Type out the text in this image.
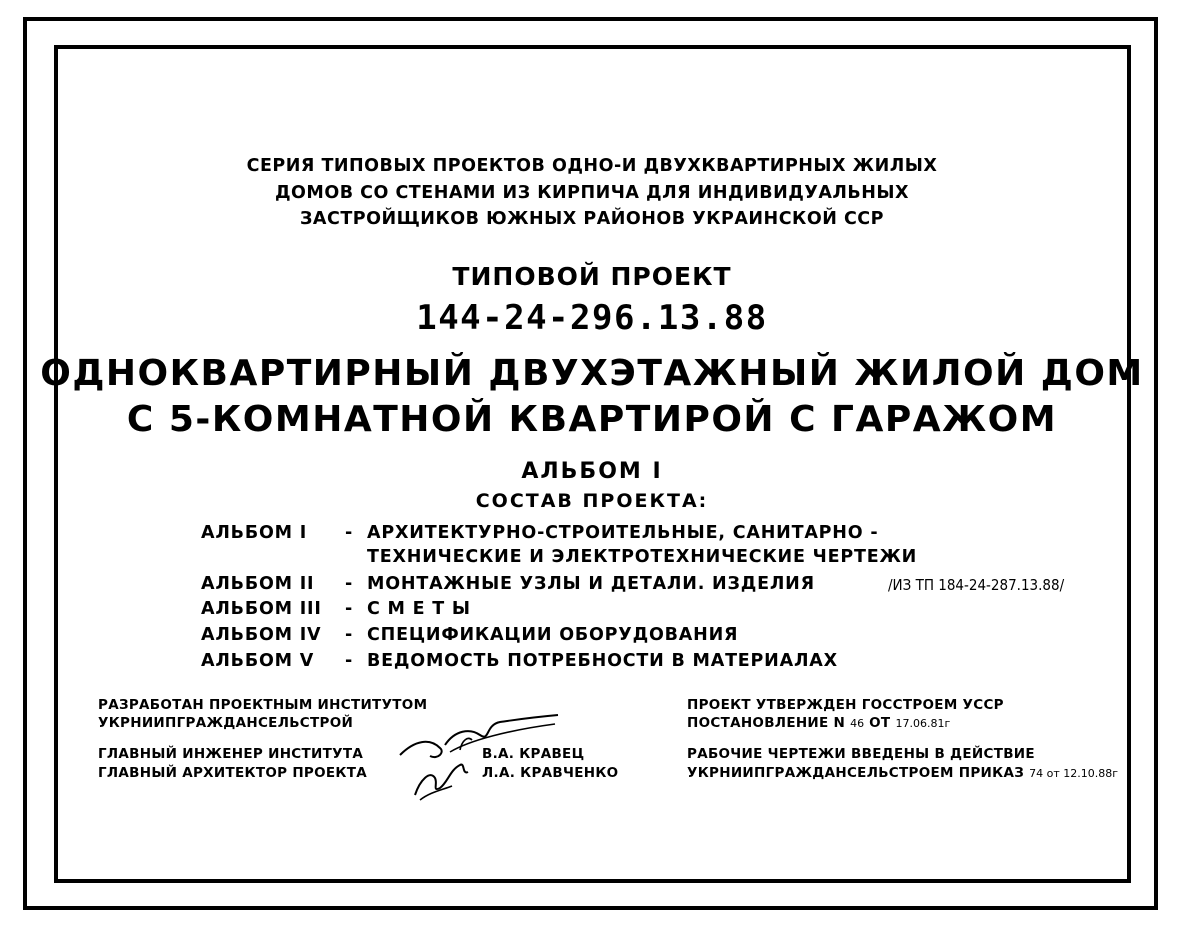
СЕРИЯ ТИПОВЫХ ПРОЕКТОВ ОДНО-И ДВУХКВАРТИРНЫХ ЖИЛЫХ
ДОМОВ СО СТЕНАМИ ИЗ КИРПИЧА ДЛЯ ИНДИВИДУАЛЬНЫХ
ЗАСТРОЙЩИКОВ ЮЖНЫХ РАЙОНОВ УКРАИНСКОЙ ССР
ТИПОВОЙ ПРОЕКТ
144-24-296.13.88
ОДНОКВАРТИРНЫЙ ДВУХЭТАЖНЫЙ ЖИЛОЙ ДОМ
С 5-КОМНАТНОЙ КВАРТИРОЙ С ГАРАЖОМ
АЛЬБОМ I
СОСТАВ ПРОЕКТА:
АЛЬБОМ I - АРХИТЕКТУРНО-СТРОИТЕЛЬНЫЕ, САНИТАРНО -
ТЕХНИЧЕСКИЕ И ЭЛЕКТРОТЕХНИЧЕСКИЕ ЧЕРТЕЖИ
АЛЬБОМ II - МОНТАЖНЫЕ УЗЛЫ И ДЕТАЛИ. ИЗДЕЛИЯ	/ИЗ ТП 184-24-287.13.88/
АЛЬБОМ III - С М Е Т Ы
АЛЬБОМ IV - СПЕЦИФИКАЦИИ ОБОРУДОВАНИЯ
АЛЬБОМ V - ВЕДОМОСТЬ ПОТРЕБНОСТИ В МАТЕРИАЛАХ
РАЗРАБОТАН ПРОЕКТНЫМ ИНСТИТУТОМ
УКРНИИПГРАЖДАНСЕЛЬСТРОЙ
ГЛАВНЫЙ ИНЖЕНЕР ИНСТИТУТА	В.А. КРАВЕЦ
ГЛАВНЫЙ АРХИТЕКТОР ПРОЕКТА	Л.А. КРАВЧЕНКО
ПРОЕКТ УТВЕРЖДЕН ГОССТРОЕМ УССР
ПОСТАНОВЛЕНИЕ N 46 ОТ 17.06.81г
РАБОЧИЕ ЧЕРТЕЖИ ВВЕДЕНЫ В ДЕЙСТВИЕ
УКРНИИПГРАЖДАНСЕЛЬСТРОЕМ ПРИКАЗ 74 от 12.10.88г
